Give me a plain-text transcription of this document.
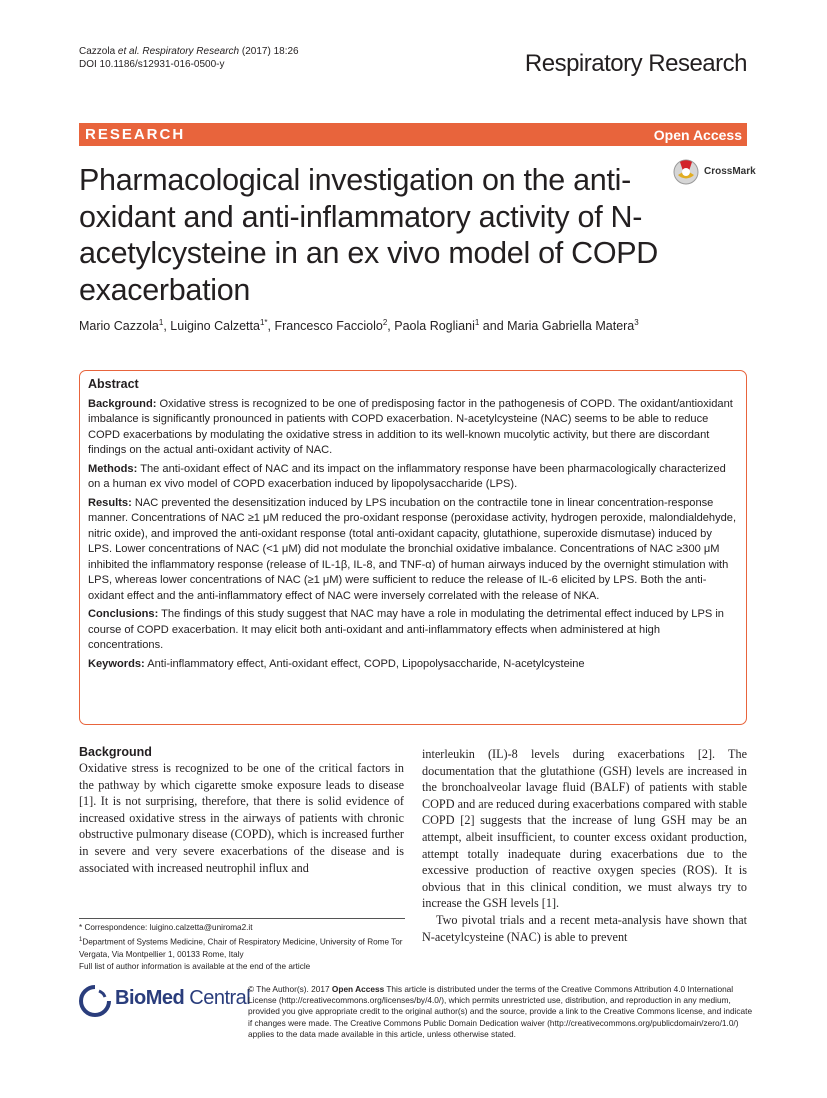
Cazzola et al. Respiratory Research (2017) 18:26
DOI 10.1186/s12931-016-0500-y	Respiratory Research
RESEARCH	Open Access
CrossMark
Pharmacological investigation on the anti-oxidant and anti-inflammatory activity of N-acetylcysteine in an ex vivo model of COPD exacerbation
Mario Cazzola$^1$, Luigino Calzetta$^{1*}$, Francesco Facciolo$^2$, Paola Rogliani$^1$ and Maria Gabriella Matera$^3$
Abstract

Background: Oxidative stress is recognized to be one of predisposing factor in the pathogenesis of COPD. The oxidant/antioxidant imbalance is significantly pronounced in patients with COPD exacerbation. N-acetylcysteine (NAC) seems to be able to reduce COPD exacerbations by modulating the oxidative stress in addition to its well-known mucolytic activity, but there are discordant findings on the actual anti-oxidant activity of NAC.

Methods: The anti-oxidant effect of NAC and its impact on the inflammatory response have been pharmacologically characterized on a human ex vivo model of COPD exacerbation induced by lipopolysaccharide (LPS).

Results: NAC prevented the desensitization induced by LPS incubation on the contractile tone in linear concentration-response manner. Concentrations of NAC ≥1 μM reduced the pro-oxidant response (peroxidase activity, hydrogen peroxide, malondialdehyde, nitric oxide), and improved the anti-oxidant response (total anti-oxidant capacity, glutathione, superoxide dismutase) induced by LPS. Lower concentrations of NAC (<1 μM) did not modulate the bronchial oxidative imbalance. Concentrations of NAC ≥300 μM inhibited the inflammatory response (release of IL-1β, IL-8, and TNF-α) of human airways induced by the overnight stimulation with LPS, whereas lower concentrations of NAC (≥1 μM) were sufficient to reduce the release of IL-6 elicited by LPS. Both the anti-oxidant effect and the anti-inflammatory effect of NAC were inversely correlated with the release of NKA.

Conclusions: The findings of this study suggest that NAC may have a role in modulating the detrimental effect induced by LPS in course of COPD exacerbation. It may elicit both anti-oxidant and anti-inflammatory effects when administered at high concentrations.

Keywords: Anti-inflammatory effect, Anti-oxidant effect, COPD, Lipopolysaccharide, N-acetylcysteine

Background

Oxidative stress is recognized to be one of the critical factors in the pathway by which cigarette smoke exposure leads to disease [1]. It is not surprising, therefore, that there is solid evidence of increased oxidative stress in the airways of patients with chronic obstructive pulmonary disease (COPD), which is increased further in severe and very severe exacerbations of the disease and is associated with increased neutrophil influx and

interleukin (IL)-8 levels during exacerbations [2]. The documentation that the glutathione (GSH) levels are increased in the bronchoalveolar lavage fluid (BALF) of patients with stable COPD and are reduced during exacerbations compared with stable COPD [2] suggests that the increase of lung GSH may be an attempt, albeit insufficient, to counter excess oxidant production, attempt totally inadequate during exacerbations due to the excessive production of reactive oxygen species (ROS). It is obvious that in this clinical condition, we must always try to increase the GSH levels [1].

Two pivotal trials and a recent meta-analysis have shown that N-acetylcysteine (NAC) is able to prevent

* Correspondence: luigino.calzetta@uniroma2.it
$^1$Department of Systems Medicine, Chair of Respiratory Medicine, University of Rome Tor Vergata, Via Montpellier 1, 00133 Rome, Italy
Full list of author information is available at the end of the article
BioMed Central
© The Author(s). 2017 Open Access This article is distributed under the terms of the Creative Commons Attribution 4.0 International License (http://creativecommons.org/licenses/by/4.0/), which permits unrestricted use, distribution, and reproduction in any medium, provided you give appropriate credit to the original author(s) and the source, provide a link to the Creative Commons license, and indicate if changes were made. The Creative Commons Public Domain Dedication waiver (http://creativecommons.org/publicdomain/zero/1.0/) applies to the data made available in this article, unless otherwise stated.
